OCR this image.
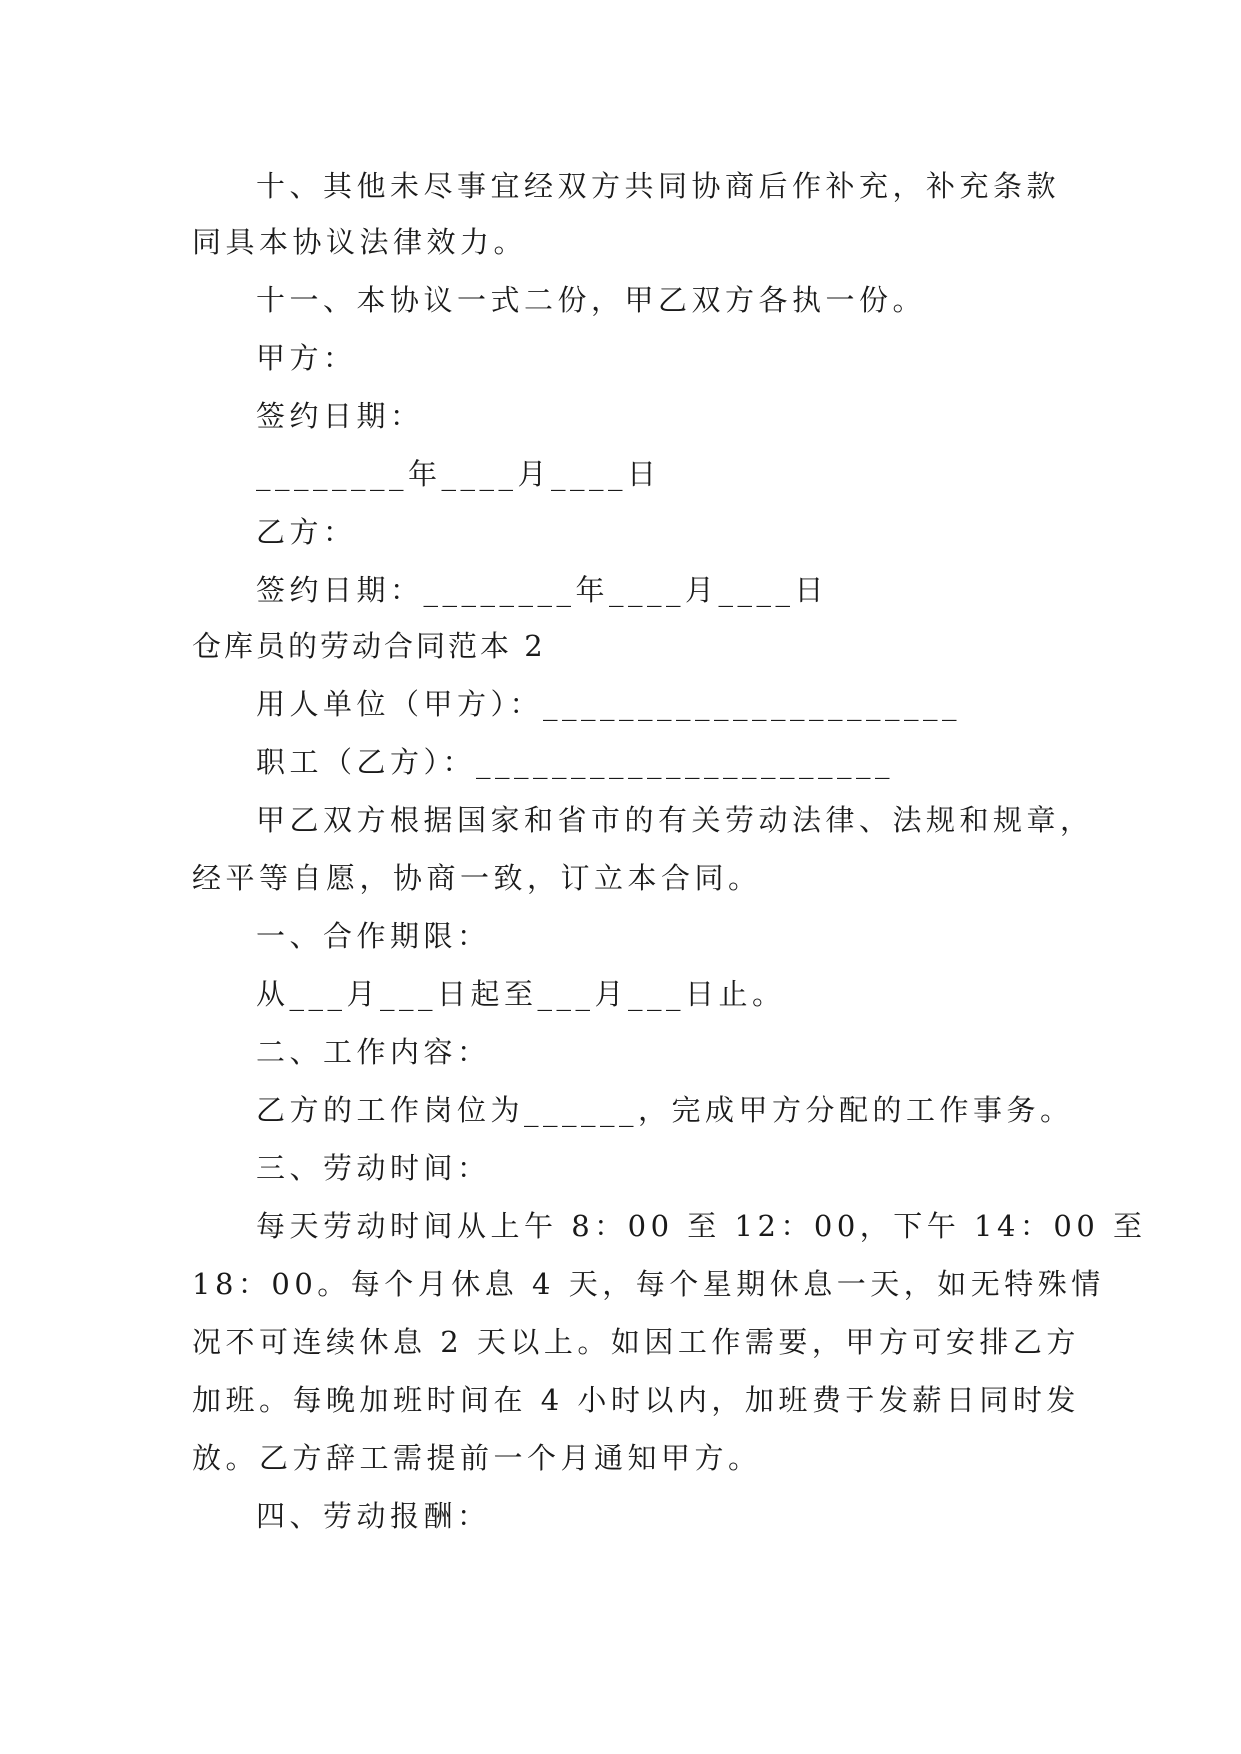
十、其他未尽事宜经双方共同协商后作补充，补充条款
同具本协议法律效力。
十一、本协议一式二份，甲乙双方各执一份。
甲方：
签约日期：
________年____月____日
乙方：
签约日期：________年____月____日
仓库员的劳动合同范本 2
用人单位（甲方）：______________________
职工（乙方）：______________________
甲乙双方根据国家和省市的有关劳动法律、法规和规章，
经平等自愿，协商一致，订立本合同。
一、合作期限：
从___月___日起至___月___日止。
二、工作内容：
乙方的工作岗位为______，完成甲方分配的工作事务。
三、劳动时间：
每天劳动时间从上午 8：00 至 12：00，下午 14：00 至
18：00。每个月休息 4 天，每个星期休息一天，如无特殊情
况不可连续休息 2 天以上。如因工作需要，甲方可安排乙方
加班。每晚加班时间在 4 小时以内，加班费于发薪日同时发
放。乙方辞工需提前一个月通知甲方。
四、劳动报酬：
